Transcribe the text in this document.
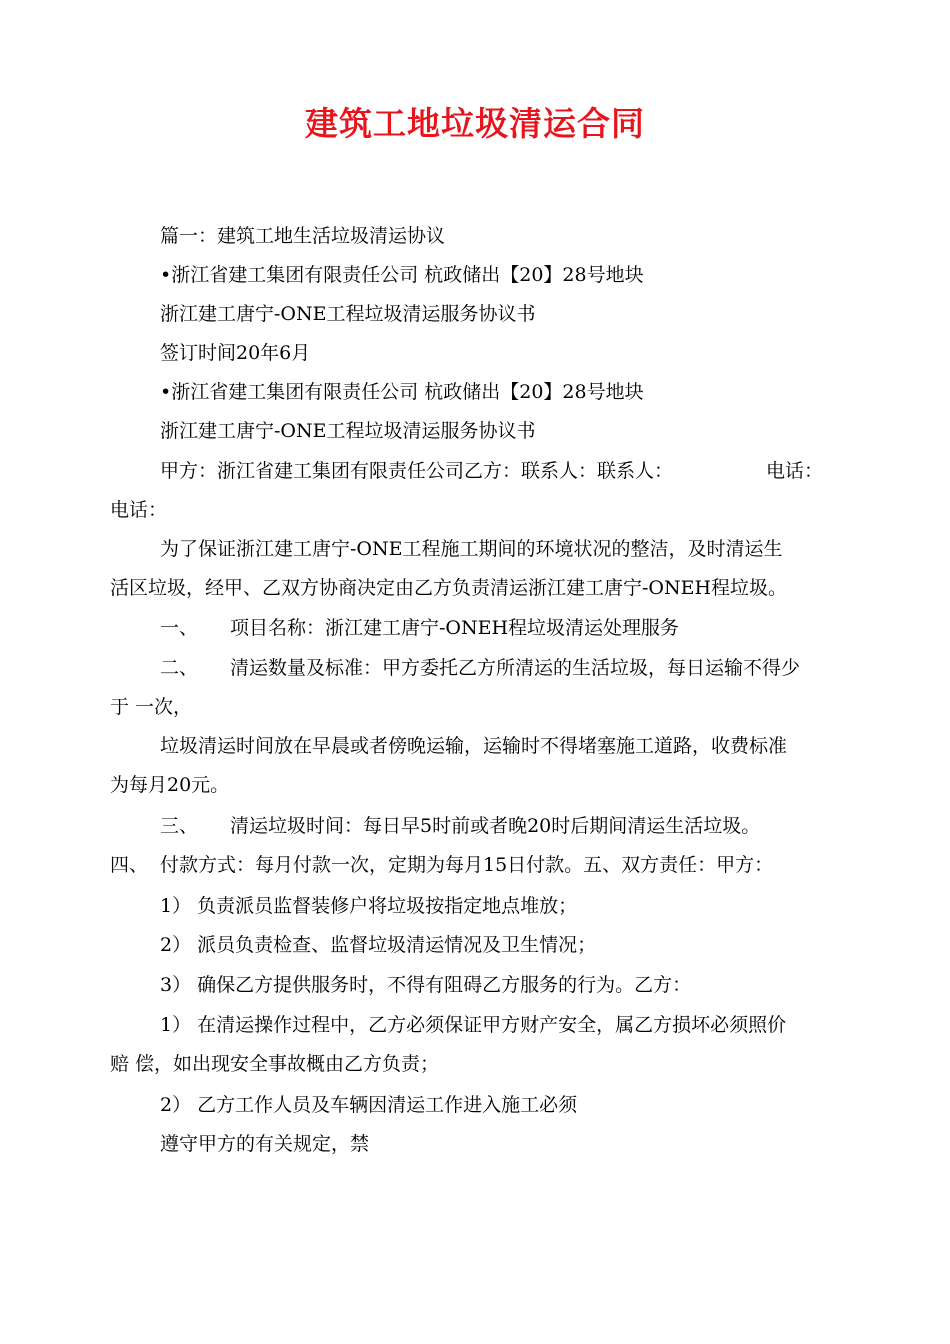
建筑工地垃圾清运合同
篇一：建筑工地生活垃圾清运协议
•浙江省建工集团有限责任公司 杭政储出【20】28号地块
浙江建工唐宁-ONE工程垃圾清运服务协议书
签订时间20年6月
•浙江省建工集团有限责任公司 杭政储出【20】28号地块
浙江建工唐宁-ONE工程垃圾清运服务协议书
甲方：浙江省建工集团有限责任公司乙方：联系人：联系人：	电话：
电话：
为了保证浙江建工唐宁-ONE工程施工期间的环境状况的整洁，及时清运生
活区垃圾，经甲、乙双方协商决定由乙方负责清运浙江建工唐宁-ONEH程垃圾。
一、 项目名称：浙江建工唐宁-ONEH程垃圾清运处理服务
二、 清运数量及标准：甲方委托乙方所清运的生活垃圾，每日运输不得少
于 一次，
垃圾清运时间放在早晨或者傍晚运输，运输时不得堵塞施工道路，收费标准
为每月20元。
三、 清运垃圾时间：每日早5时前或者晚20时后期间清运生活垃圾。
四、 付款方式：每月付款一次，定期为每月15日付款。五、双方责任：甲方：
1） 负责派员监督装修户将垃圾按指定地点堆放；
2） 派员负责检查、监督垃圾清运情况及卫生情况；
3） 确保乙方提供服务时，不得有阻碍乙方服务的行为。乙方：
1） 在清运操作过程中，乙方必须保证甲方财产安全，属乙方损坏必须照价
赔 偿，如出现安全事故概由乙方负责；
2） 乙方工作人员及车辆因清运工作进入施工必须
遵守甲方的有关规定，禁
